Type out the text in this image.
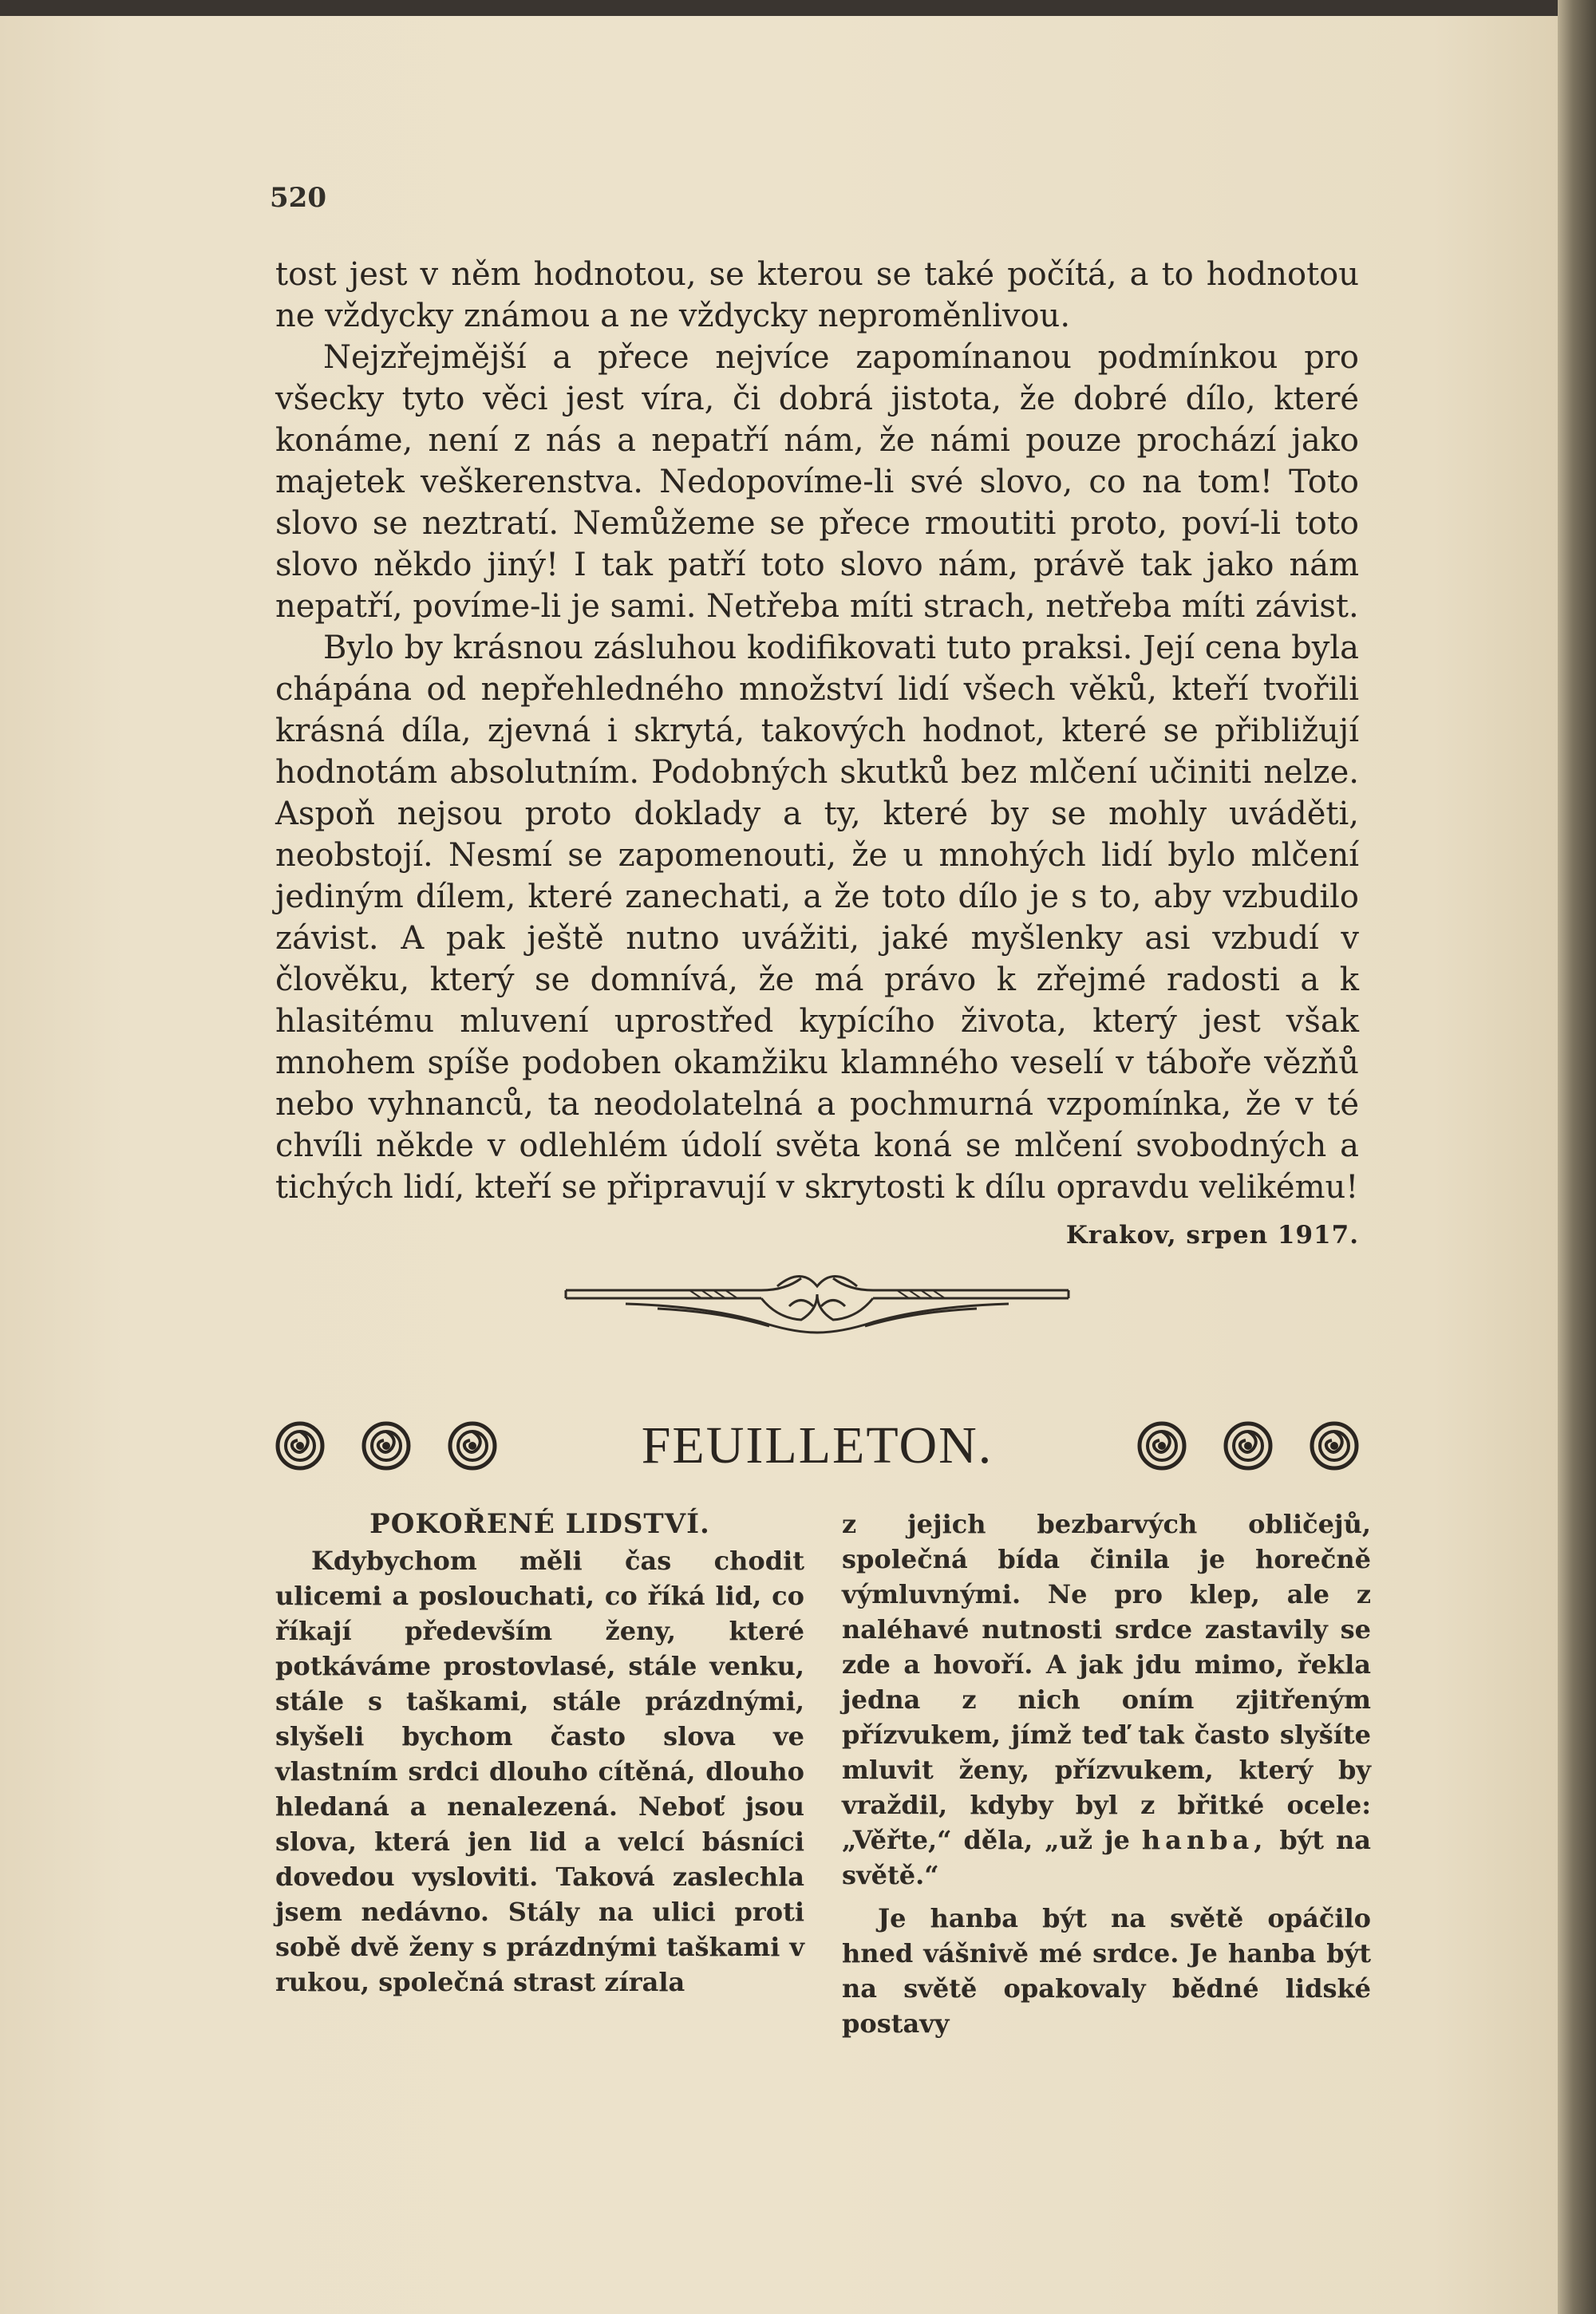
520

tost jest v něm hodnotou, se kterou se také počítá, a to hodnotou ne vždycky známou a ne vždycky neproměnlivou.

Nejzřejmější a přece nejvíce zapomínanou podmínkou pro všecky tyto věci jest víra, či dobrá jistota, že dobré dílo, které konáme, není z nás a nepatří nám, že námi pouze prochází jako majetek veškerenstva. Nedopovíme-li své slovo, co na tom! Toto slovo se neztratí. Nemůžeme se přece rmoutiti proto, poví-li toto slovo někdo jiný! I tak patří toto slovo nám, právě tak jako nám nepatří, povíme-li je sami. Netřeba míti strach, netřeba míti závist.

Bylo by krásnou zásluhou kodifikovati tuto praksi. Její cena byla chápána od nepřehledného množství lidí všech věků, kteří tvořili krásná díla, zjevná i skrytá, takových hodnot, které se přibližují hodnotám absolutním. Podobných skutků bez mlčení učiniti nelze. Aspoň nejsou proto doklady a ty, které by se mohly uváděti, neobstojí. Nesmí se zapomenouti, že u mnohých lidí bylo mlčení jediným dílem, které zanechati, a že toto dílo je s to, aby vzbudilo závist. A pak ještě nutno uvážiti, jaké myšlenky asi vzbudí v člověku, který se domnívá, že má právo k zřejmé radosti a k hlasitému mluvení uprostřed kypícího života, který jest však mnohem spíše podoben okamžiku klamného veselí v táboře vězňů nebo vyhnanců, ta neodolatelná a pochmurná vzpomínka, že v té chvíli někde v odlehlém údolí světa koná se mlčení svobodných a tichých lidí, kteří se připravují v skrytosti k dílu opravdu velikému!
Krakov, srpen 1917.

FEUILLETON.

POKOŘENÉ LIDSTVÍ.

Kdybychom měli čas chodit ulicemi a poslouchati, co říká lid, co říkají především ženy, které potkáváme prostovlasé, stále venku, stále s taškami, stále prázdnými, slyšeli bychom často slova ve vlastním srdci dlouho cítěná, dlouho hledaná a nenalezená. Neboť jsou slova, která jen lid a velcí básníci dovedou vysloviti. Taková zaslechla jsem nedávno. Stály na ulici proti sobě dvě ženy s prázdnými taškami v rukou, společná strast zírala

z jejich bezbarvých obličejů, společná bída činila je horečně výmluvnými. Ne pro klep, ale z naléhavé nutnosti srdce zastavily se zde a hovoří. A jak jdu mimo, řekla jedna z nich oním zjitřeným přízvukem, jímž teď tak často slyšíte mluvit ženy, přízvukem, který by vraždil, kdyby byl z břitké ocele: „Věřte,“ děla, „už je hanba, být na světě.“

Je hanba být na světě opáčilo hned vášnivě mé srdce. Je hanba být na světě opakovaly bědné lidské postavy
